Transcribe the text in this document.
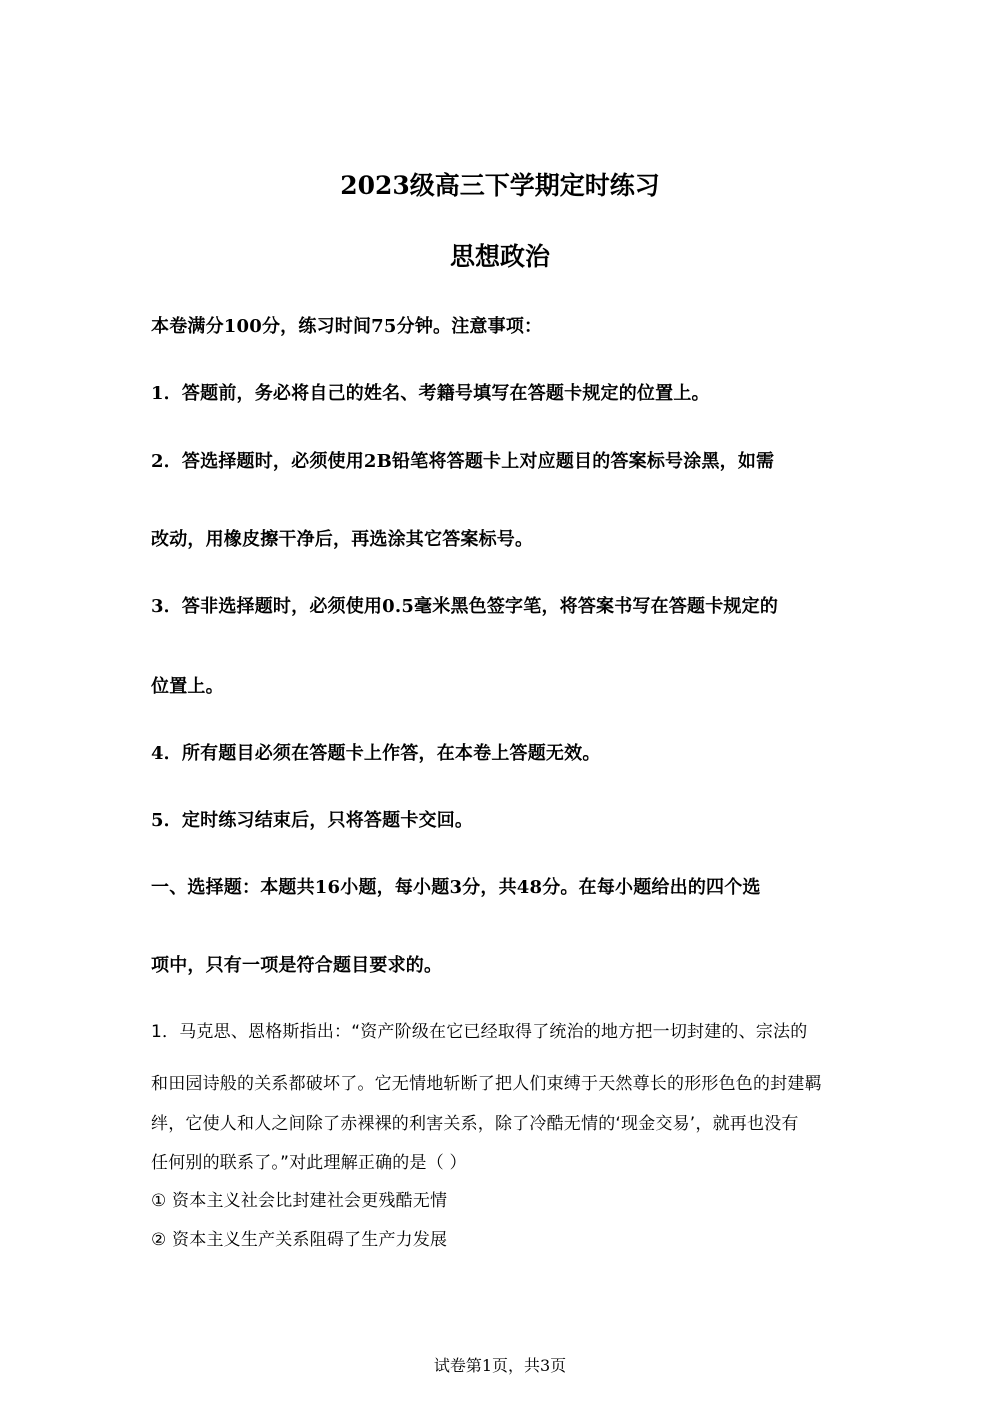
2023级高三下学期定时练习
思想政治
本卷满分100分，练习时间75分钟。注意事项：
1．答题前，务必将自己的姓名、考籍号填写在答题卡规定的位置上。
2．答选择题时，必须使用2B铅笔将答题卡上对应题目的答案标号涂黑，如需
改动，用橡皮擦干净后，再选涂其它答案标号。
3．答非选择题时，必须使用0.5毫米黑色签字笔，将答案书写在答题卡规定的
位置上。
4．所有题目必须在答题卡上作答，在本卷上答题无效。
5．定时练习结束后，只将答题卡交回。
一、选择题：本题共16小题，每小题3分，共48分。在每小题给出的四个选
项中，只有一项是符合题目要求的。
1．马克思、恩格斯指出：“资产阶级在它已经取得了统治的地方把一切封建的、宗法的
和田园诗般的关系都破坏了。它无情地斩断了把人们束缚于天然尊长的形形色色的封建羁
绊，它使人和人之间除了赤裸裸的利害关系，除了冷酷无情的‘现金交易’，就再也没有
任何别的联系了。”对此理解正确的是（ ）
① 资本主义社会比封建社会更残酷无情
② 资本主义生产关系阻碍了生产力发展
试卷第1页，共3页
